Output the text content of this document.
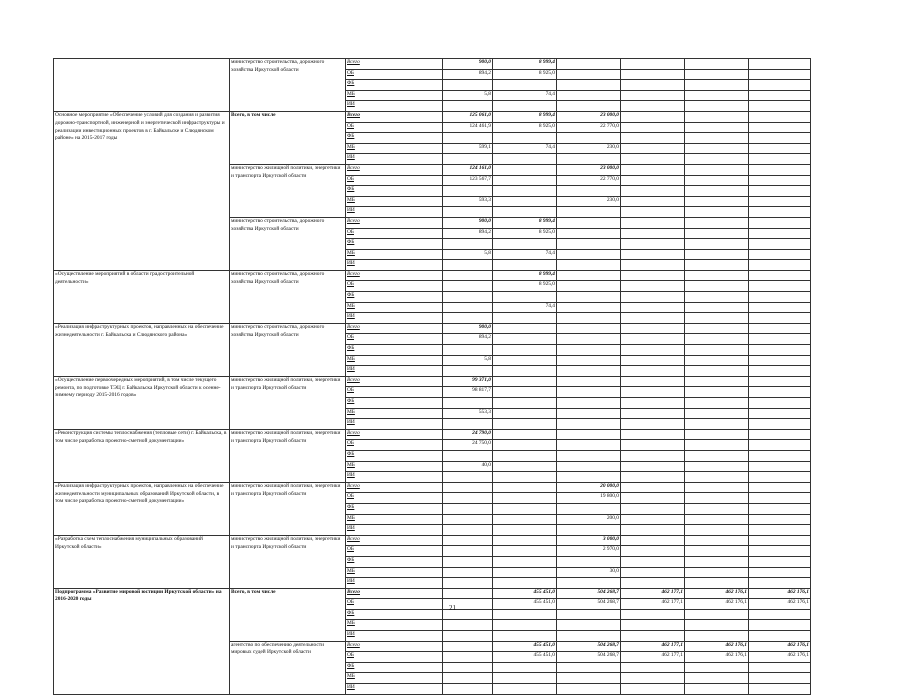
	министерство строительства, дорожного хозяйства Иркутской области	Всего	900,0	8 999,4					
		ОБ	894,2	8 925,0					
		ФБ							
		МБ	5,8	74,4					
		ИИ							
Основное мероприятие «Обеспечение условий для создания и развития дорожно-транспортной, инженерной и энергетической инфраструктуры и реализации инвестиционных проектов в г. Байкальске и Слюдянском районе» на 2015-2017 годы	Всего, в том числе	Всего	125 061,0	8 999,4	23 000,0				
		ОБ	124 461,9	8 925,0	22 770,0				
		ФБ							
		МБ	599,1	74,4	230,0				
		ИИ							
	министерство жилищной политики, энергетики и транспорта Иркутской области	Всего	124 161,0		23 000,0				
		ОБ	123 567,7		22 770,0				
		ФБ							
		МБ	593,3		230,0				
		ИИ							
	министерство строительства, дорожного хозяйства Иркутской области	Всего	900,0	8 999,4					
		ОБ	894,2	8 925,0					
		ФБ							
		МБ	5,8	74,4					
		ИИ							
«Осуществление мероприятий в области градостроительной деятельности»	министерство строительства, дорожного хозяйства Иркутской области	Всего		8 999,4					
		ОБ		8 925,0					
		ФБ							
		МБ		74,4					
		ИИ							
«Реализация инфраструктурных проектов, направленных на обеспечение жизнедеятельности г. Байкальска и Слюдянского района»	министерство строительства, дорожного хозяйства Иркутской области	Всего	900,0						
		ОБ	894,2						
		ФБ							
		МБ	5,8						
		ИИ							
«Осуществление первоочередных мероприятий, в том числе текущего ремонта, по подготовке ТЭЦ г. Байкальска Иркутской области к осенне-зимнему периоду 2015-2016 годов»	министерство жилищной политики, энергетики и транспорта Иркутской области	Всего	99 371,0						
		ОБ	98 817,7						
		ФБ							
		МБ	553,3						
		ИИ							
«Реконструкция системы теплоснабжения (тепловые сети) г. Байкальска, в том числе разработка проектно-сметной документации»	министерство жилищной политики, энергетики и транспорта Иркутской области	Всего	24 790,0						
		ОБ	24 750,0						
		ФБ							
		МБ	40,0						
		ИИ							
«Реализация инфраструктурных проектов, направленных на обеспечение жизнедеятельности муниципальных образований Иркутской области, в том числе разработка проектно-сметной документации»	министерство жилищной политики, энергетики и транспорта Иркутской области	Всего			20 000,0				
		ОБ			19 800,0				
		ФБ							
		МБ			200,0				
		ИИ							
«Разработка схем теплоснабжения муниципальных образований Иркутской области»	министерство жилищной политики, энергетики и транспорта Иркутской области	Всего			3 000,0				
		ОБ			2 970,0				
		ФБ							
		МБ			30,0				
		ИИ							
Подпрограмма «Развитие мировой юстиции Иркутской области» на 2016-2020 годы	Всего, в том числе	Всего		455 451,0	504 268,7	462 177,1	462 176,1	462 176,1	
		ОБ		455 451,0	504 268,7	462 177,1	462 176,1	462 176,1	
		ФБ							
		МБ							
		ИИ							
	агентство по обеспечению деятельности мировых судей Иркутской области	Всего		455 451,0	504 268,7	462 177,1	462 176,1	462 176,1	
		ОБ		455 451,0	504 268,7	462 177,1	462 176,1	462 176,1	
		ФБ							
		МБ							
		ИИ							
21
